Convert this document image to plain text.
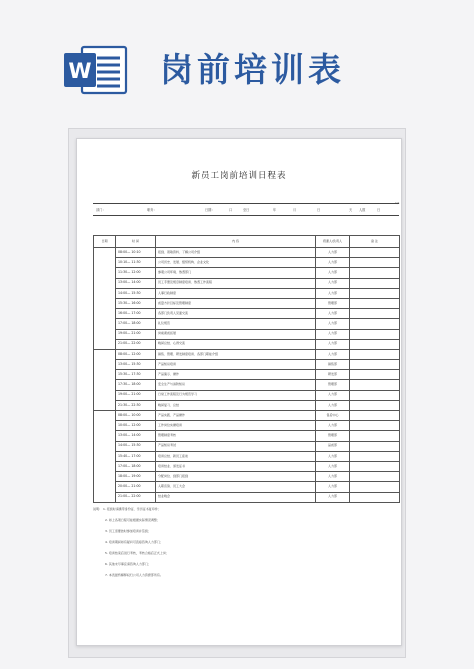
W 岗前培训表
新员工岗前培训日程表
1/1
部门：	职务：	日期：	口	至日	年	月	日	天 人数	日
日期	时 间	内 容	授课人/负责人	备 注
	08:00— 10:10	报到、领取资料、了解公司介绍	人力部	
	10:10— 11:30	公司历史、发展、组织机构、企业文化	人力部	
	11:30— 12:00	参观公司环境、熟悉部门	人力部	
	13:00— 14:00	员工手册及规章制度培训、熟悉工作流程	人力部	
	14:00— 15:30	人事行政制度	人力部	
	15:30— 16:00	质量方针目标及管理制度	管理部	
	16:00— 17:00	各部门负责人见面交流	人力部	
	17:00— 18:00	礼仪规范	人力部	
	19:00— 21:00	岗前素质拓展	人力部	
	21:00— 22:00	晚间总结、心得交流	人力部	
	08:00— 12:00	销售、管理、研发制度培训、各部门职能介绍	人力部	
	13:00— 15:30	产品知识培训	销售部	
	15:30— 17:30	产品演示、操作	研发部	
	17:30— 18:00	安全生产与消防知识	管理部	
	19:00— 21:00	日常工作流程及行为规范学习	人力部	
	21:30— 22:30	晚间复习、总结	人力部	
	08:00— 10:00	产品实践、产品操作	售后中心	
	10:00— 12:00	工作岗位实操培训	人力部	
	13:00— 14:00	管理制度考核	管理部	
	14:00— 15:30	产品知识考试	品质部	
	15:40— 17:00	培训总结、新员工座谈	人力部	
	17:00— 18:00	培训结业、颁发证书	人力部	
	18:00— 19:00	分配岗位、到部门报到	人力部	
	20:00— 21:00	入职宣誓、员工大会	人力部	
	21:00— 22:00	结业晚会	人力部	
说明： 1. 报到时请携带身份证、学历证书复印件；
2. 如上各项日程可能根据实际情况调整；
3. 员工需要按时参加培训并签到；
4. 培训期间如有疑问可直接咨询人力部门；
5. 培训结束后进行考核，考核合格后正式上岗；
6. 其他未尽事宜请咨询人力部门；
7. 本表最终解释权归公司人力资源部所有。
